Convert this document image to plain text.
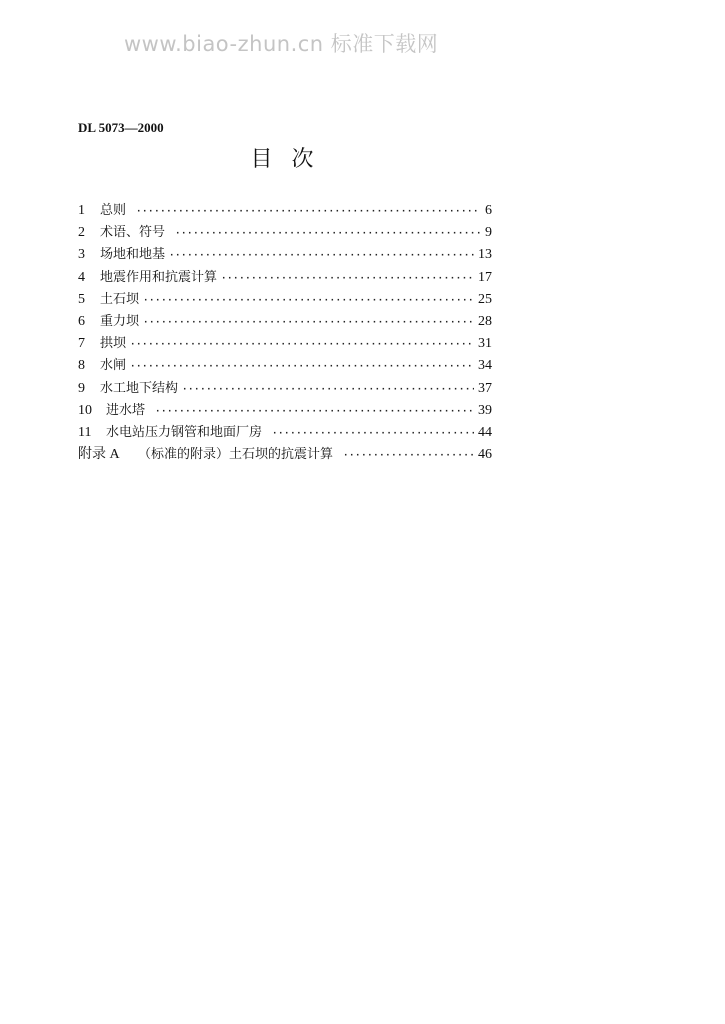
www.biao-zhun.cn 标准下载网
DL 5073—2000
目 次
1	总则 ·····	6
2	术语、符号 ·····	9
3	场地和地基 ·····	13
4	地震作用和抗震计算 ·····	17
5	土石坝 ·····	25
6	重力坝 ·····	28
7	拱坝 ·····	31
8	水闸 ·····	34
9	水工地下结构 ·····	37
10	进水塔 ·····	39
11	水电站压力钢管和地面厂房 ·····	44
附录 A	（标准的附录）土石坝的抗震计算 ·····	46
